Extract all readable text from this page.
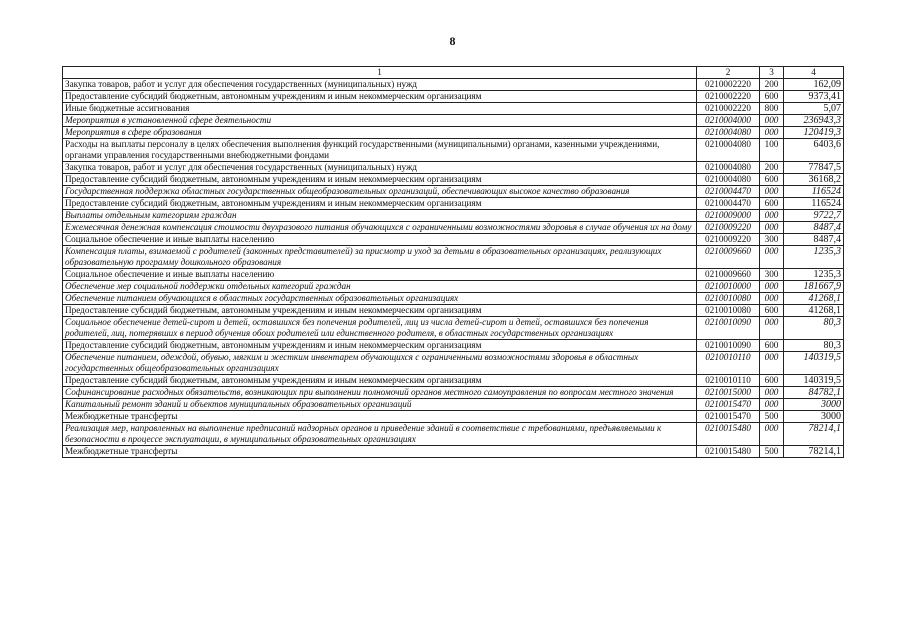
8
1	2	3	4
Закупка товаров, работ и услуг для обеспечения государственных (муниципальных) нужд	0210002220	200	162,09
Предоставление субсидий бюджетным, автономным учреждениям и иным некоммерческим организациям	0210002220	600	9373,41
Иные бюджетные ассигнования	0210002220	800	5,07
Мероприятия в установленной сфере деятельности	0210004000	000	236943,3
Мероприятия в сфере образования	0210004080	000	120419,3
Расходы на выплаты персоналу в целях обеспечения выполнения функций государственными (муниципальными) органами, казенными учреждениями, органами управления государственными внебюджетными фондами	0210004080	100	6403,6
Закупка товаров, работ и услуг для обеспечения государственных (муниципальных) нужд	0210004080	200	77847,5
Предоставление субсидий бюджетным, автономным учреждениям и иным некоммерческим организациям	0210004080	600	36168,2
Государственная поддержка областных государственных общеобразовательных организаций, обеспечивающих высокое качество образования	0210004470	000	116524
Предоставление субсидий бюджетным, автономным учреждениям и иным некоммерческим организациям	0210004470	600	116524
Выплаты отдельным категориям граждан	0210009000	000	9722,7
Ежемесячная денежная компенсация стоимости двухразового питания обучающихся с ограниченными возможностями здоровья в случае обучения их на дому	0210009220	000	8487,4
Социальное обеспечение и иные выплаты населению	0210009220	300	8487,4
Компенсация платы, взимаемой с родителей (законных представителей) за присмотр и уход за детьми в образовательных организациях, реализующих образовательную программу дошкольного образования	0210009660	000	1235,3
Социальное обеспечение и иные выплаты населению	0210009660	300	1235,3
Обеспечение мер социальной поддержки отдельных категорий граждан	0210010000	000	181667,9
Обеспечение питанием обучающихся в областных государственных образовательных организациях	0210010080	000	41268,1
Предоставление субсидий бюджетным, автономным учреждениям и иным некоммерческим организациям	0210010080	600	41268,1
Социальное обеспечение детей-сирот и детей, оставшихся без попечения родителей, лиц из числа детей-сирот и детей, оставшихся без попечения родителей, лиц, потерявших в период обучения обоих родителей или единственного родителя, в областных государственных организациях	0210010090	000	80,3
Предоставление субсидий бюджетным, автономным учреждениям и иным некоммерческим организациям	0210010090	600	80,3
Обеспечение питанием, одеждой, обувью, мягким и жестким инвентарем обучающихся с ограниченными возможностями здоровья в областных государственных общеобразовательных организациях	0210010110	000	140319,5
Предоставление субсидий бюджетным, автономным учреждениям и иным некоммерческим организациям	0210010110	600	140319,5
Софинансирование расходных обязательств, возникающих при выполнении полномочий органов местного самоуправления по вопросам местного значения	0210015000	000	84782,1
Капитальный ремонт зданий и объектов муниципальных образовательных организаций	0210015470	000	3000
Межбюджетные трансферты	0210015470	500	3000
Реализация мер, направленных на выполнение предписаний надзорных органов и приведение зданий в соответствие с требованиями, предъявляемыми к безопасности в процессе эксплуатации, в муниципальных образовательных организациях	0210015480	000	78214,1
Межбюджетные трансферты	0210015480	500	78214,1
